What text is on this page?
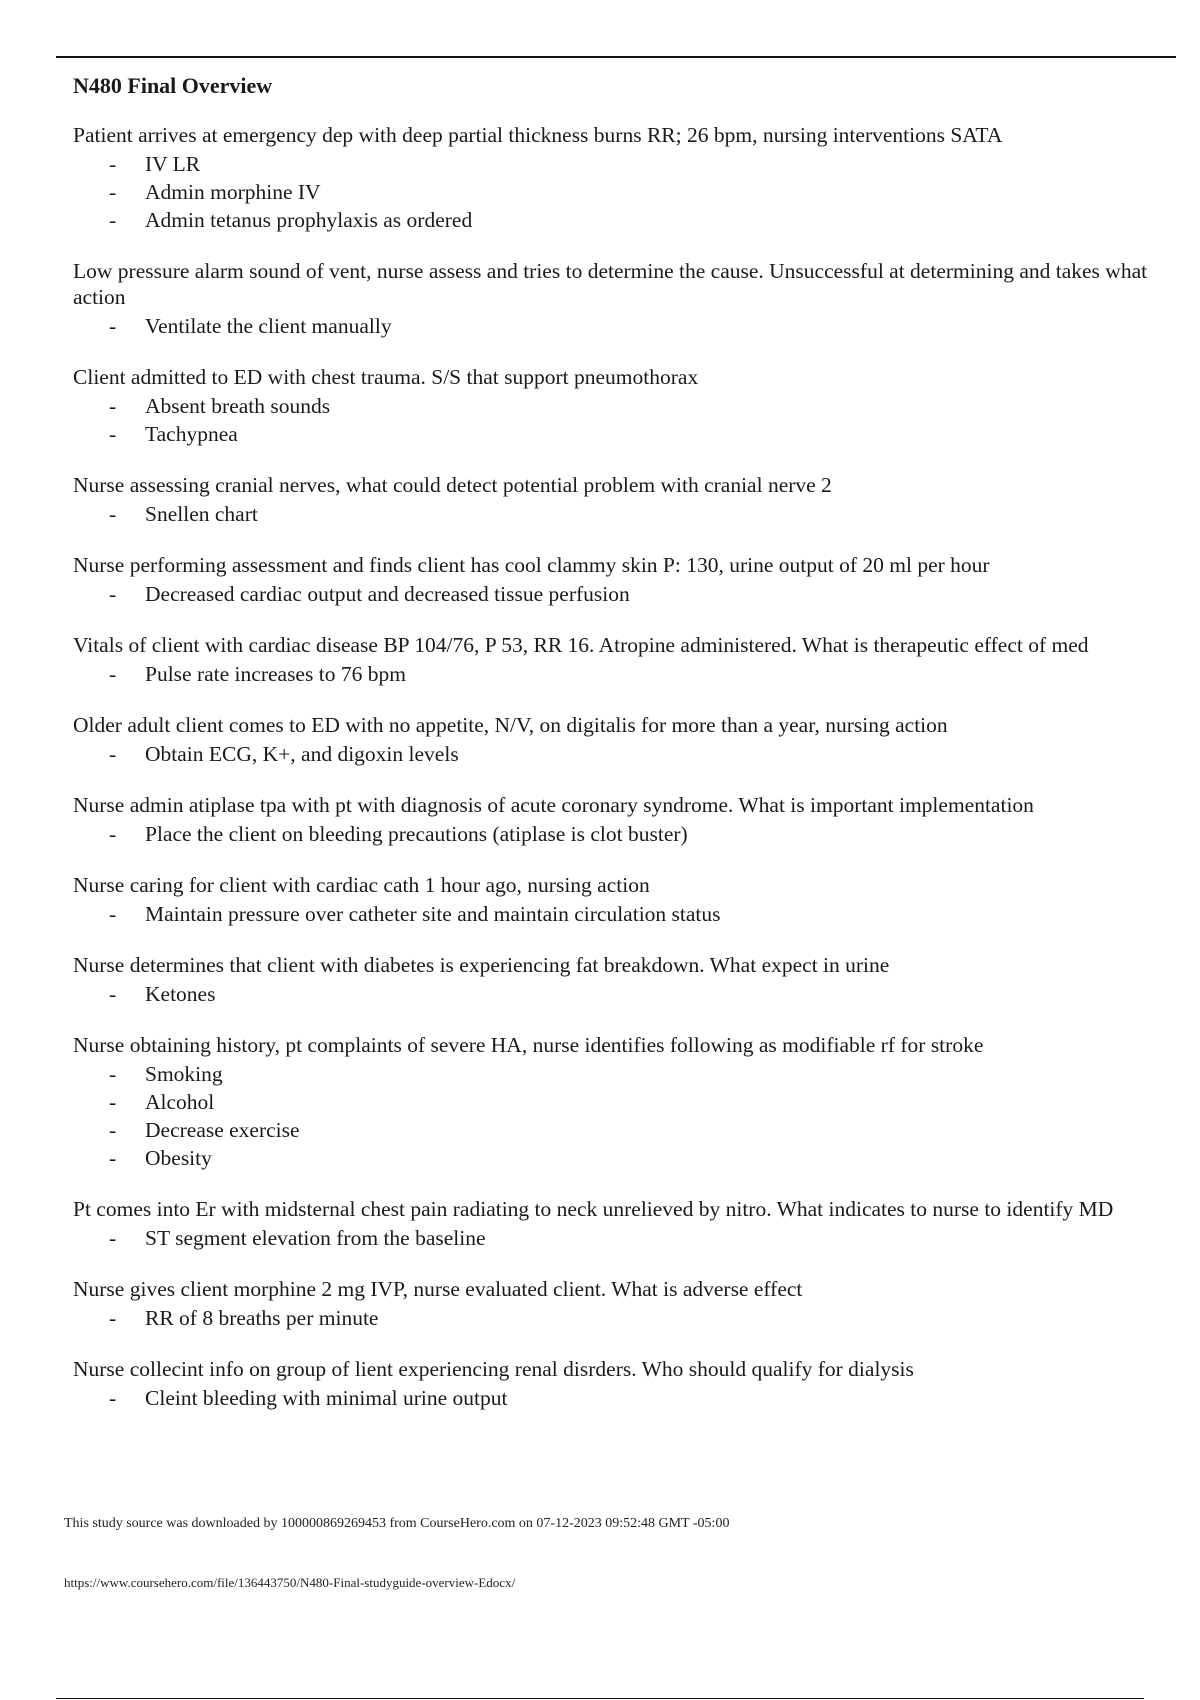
N480 Final Overview

Patient arrives at emergency dep with deep partial thickness burns RR; 26 bpm, nursing interventions SATA

- IV LR
- Admin morphine IV
- Admin tetanus prophylaxis as ordered

Low pressure alarm sound of vent, nurse assess and tries to determine the cause. Unsuccessful at determining and takes what action

- Ventilate the client manually

Client admitted to ED with chest trauma. S/S that support pneumothorax

- Absent breath sounds
- Tachypnea

Nurse assessing cranial nerves, what could detect potential problem with cranial nerve 2

- Snellen chart

Nurse performing assessment and finds client has cool clammy skin P: 130, urine output of 20 ml per hour

- Decreased cardiac output and decreased tissue perfusion

Vitals of client with cardiac disease BP 104/76, P 53, RR 16. Atropine administered. What is therapeutic effect of med

- Pulse rate increases to 76 bpm

Older adult client comes to ED with no appetite, N/V, on digitalis for more than a year, nursing action

- Obtain ECG, K+, and digoxin levels

Nurse admin atiplase tpa with pt with diagnosis of acute coronary syndrome. What is important implementation

- Place the client on bleeding precautions (atiplase is clot buster)

Nurse caring for client with cardiac cath 1 hour ago, nursing action

- Maintain pressure over catheter site and maintain circulation status

Nurse determines that client with diabetes is experiencing fat breakdown. What expect in urine

- Ketones

Nurse obtaining history, pt complaints of severe HA, nurse identifies following as modifiable rf for stroke

- Smoking
- Alcohol
- Decrease exercise
- Obesity

Pt comes into Er with midsternal chest pain radiating to neck unrelieved by nitro. What indicates to nurse to identify MD

- ST segment elevation from the baseline

Nurse gives client morphine 2 mg IVP, nurse evaluated client. What is adverse effect

- RR of 8 breaths per minute

Nurse collecint info on group of lient experiencing renal disrders. Who should qualify for dialysis

- Cleint bleeding with minimal urine output
This study source was downloaded by 100000869269453 from CourseHero.com on 07-12-2023 09:52:48 GMT -05:00
https://www.coursehero.com/file/136443750/N480-Final-studyguide-overview-Edocx/
